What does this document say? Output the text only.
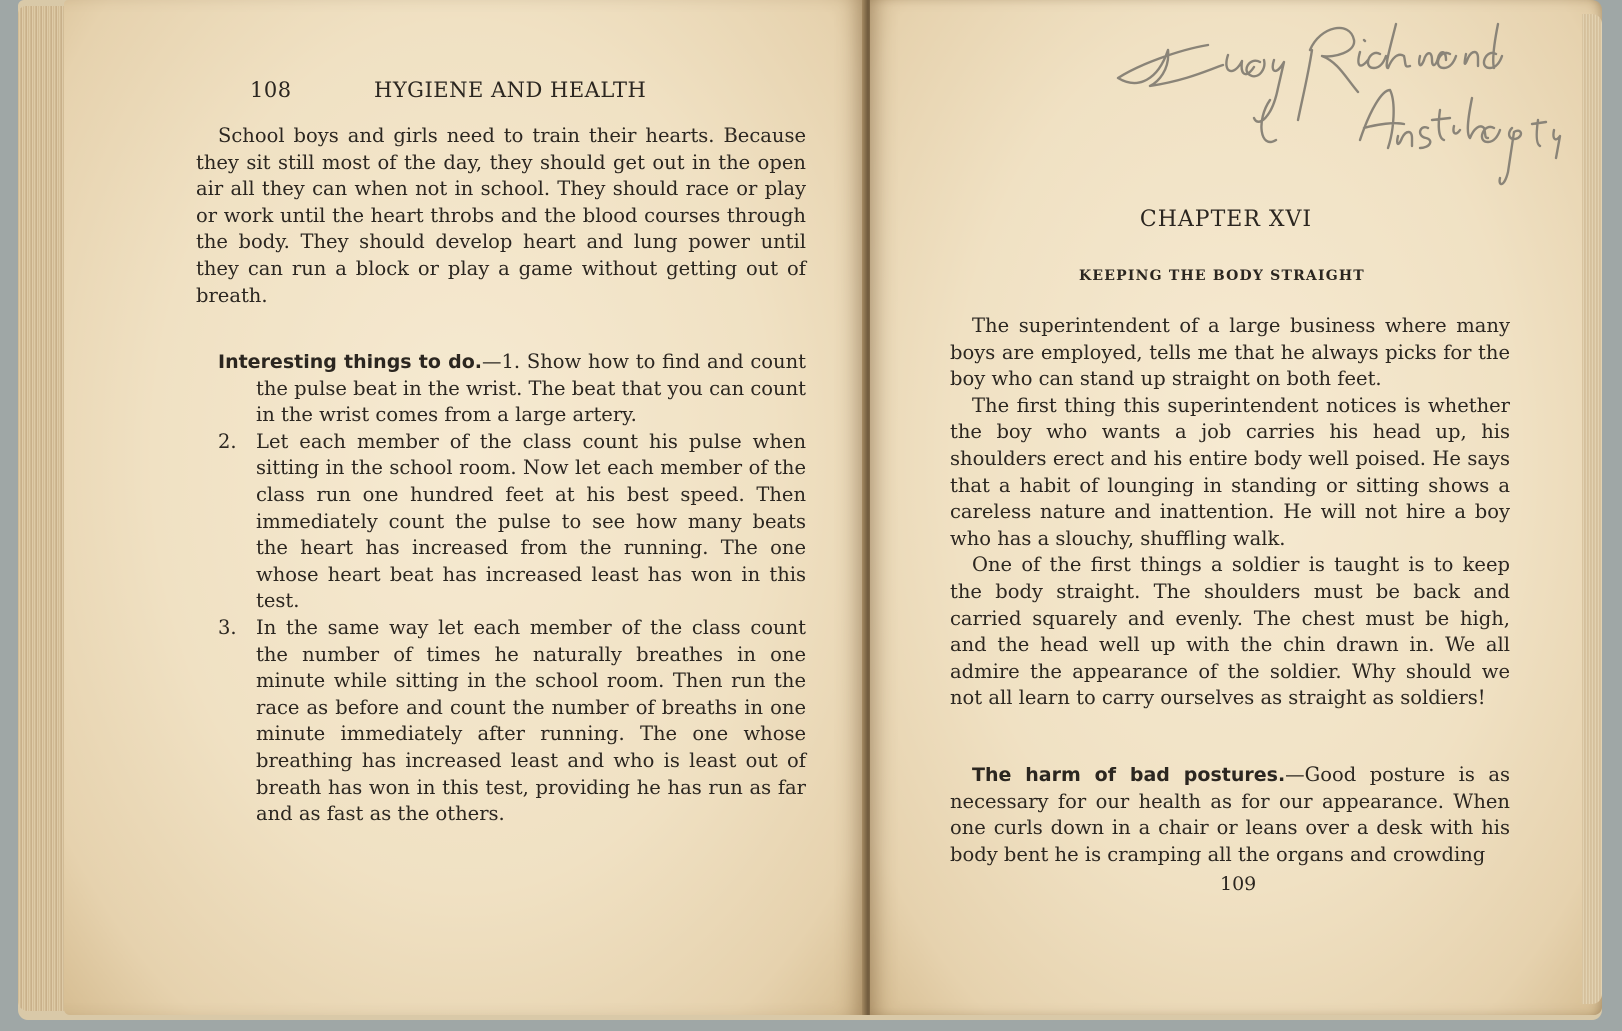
108	HYGIENE AND HEALTH
School boys and girls need to train their hearts. Because they sit still most of the day, they should get out in the open air all they can when not in school. They should race or play or work until the heart throbs and the blood courses through the body. They should develop heart and lung power until they can run a block or play a game without getting out of breath.
Interesting things to do.—1. Show how to find and count the pulse beat in the wrist. The beat that you can count in the wrist comes from a large artery.
2. Let each member of the class count his pulse when sitting in the school room. Now let each member of the class run one hundred feet at his best speed. Then immediately count the pulse to see how many beats the heart has increased from the running. The one whose heart beat has increased least has won in this test.
3. In the same way let each member of the class count the number of times he naturally breathes in one minute while sitting in the school room. Then run the race as before and count the number of breaths in one minute immediately after running. The one whose breathing has increased least and who is least out of breath has won in this test, providing he has run as far and as fast as the others.
CHAPTER XVI
KEEPING THE BODY STRAIGHT

The superintendent of a large business where many boys are employed, tells me that he always picks for the boy who can stand up straight on both feet.

The first thing this superintendent notices is whether the boy who wants a job carries his head up, his shoulders erect and his entire body well poised. He says that a habit of lounging in standing or sitting shows a careless nature and inattention. He will not hire a boy who has a slouchy, shuffling walk.

One of the first things a soldier is taught is to keep the body straight. The shoulders must be back and carried squarely and evenly. The chest must be high, and the head well up with the chin drawn in. We all admire the appearance of the soldier. Why should we not all learn to carry ourselves as straight as soldiers!

The harm of bad postures.—Good posture is as necessary for our health as for our appearance. When one curls down in a chair or leans over a desk with his body bent he is cramping all the organs and crowding

109
